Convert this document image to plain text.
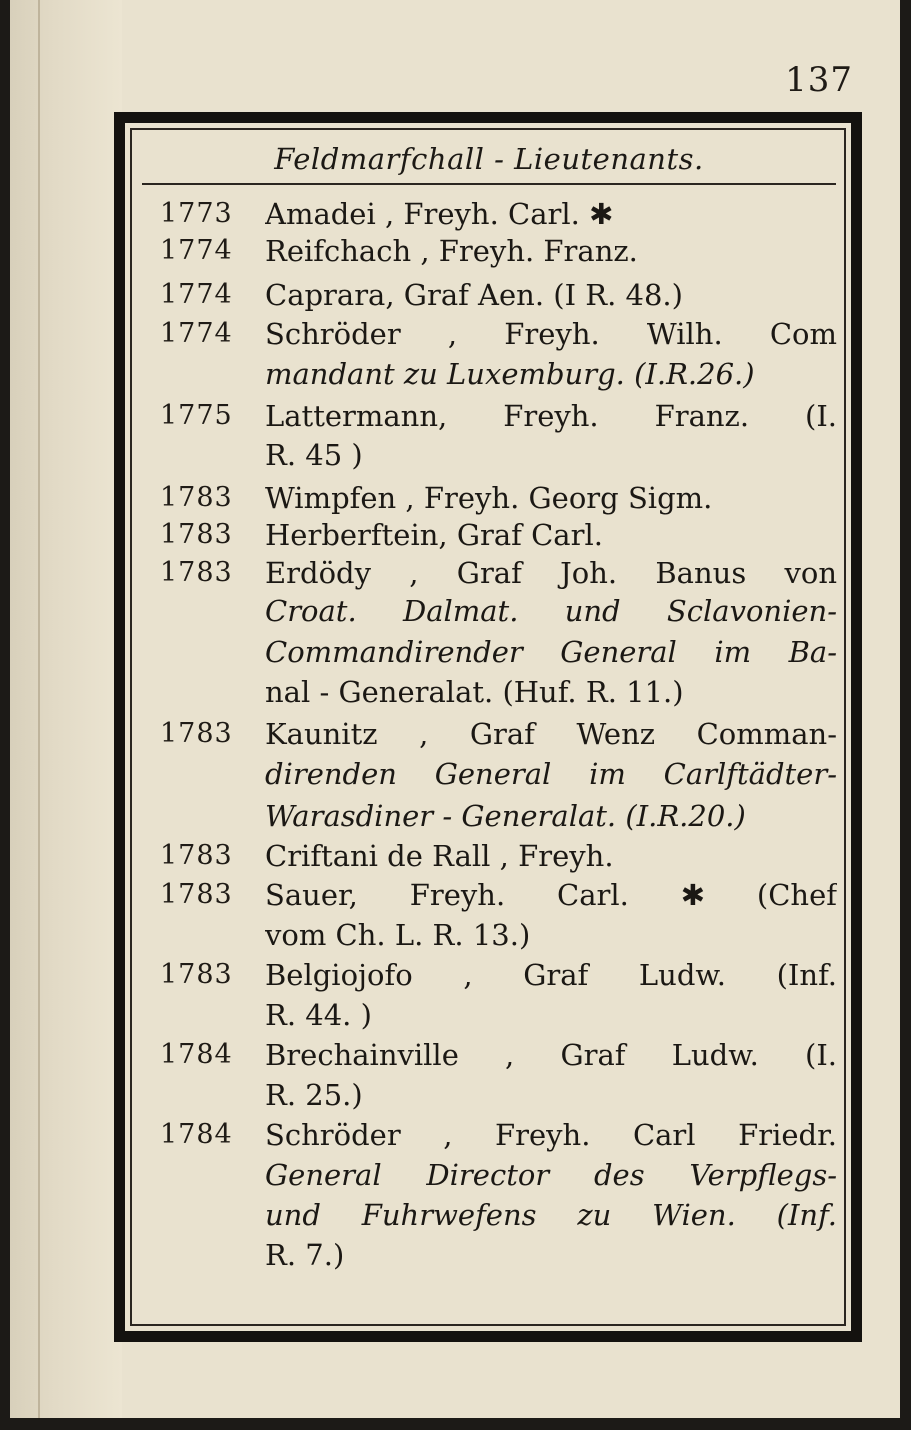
137
Feldmarfchall - Lieutenants.
1773 Amadei , Freyh. Carl. ✱
1774 Reifchach , Freyh. Franz.
1774 Caprara, Graf Aen. (I R. 48.)
1774 Schröder , Freyh. Wilh. Com
mandant zu Luxemburg. (I.R.26.)
1775 Lattermann, Freyh. Franz. (I.
R. 45 )
1783 Wimpfen , Freyh. Georg Sigm.
1783 Herberftein, Graf Carl.
1783 Erdödy , Graf Joh. Banus von
Croat. Dalmat. und Sclavonien-
Commandirender General im Ba-
nal - Generalat. (Huf. R. 11.)
1783 Kaunitz , Graf Wenz Comman-
direnden General im Carlftädter-
Warasdiner - Generalat. (I.R.20.)
1783 Criftani de Rall , Freyh.
1783 Sauer, Freyh. Carl. ✱ (Chef
vom Ch. L. R. 13.)
1783 Belgiojofo , Graf Ludw. (Inf.
R. 44. )
1784 Brechainville , Graf Ludw. (I.
R. 25.)
1784 Schröder , Freyh. Carl Friedr.
General Director des Verpflegs-
und Fuhrwefens zu Wien. (Inf.
R. 7.)
